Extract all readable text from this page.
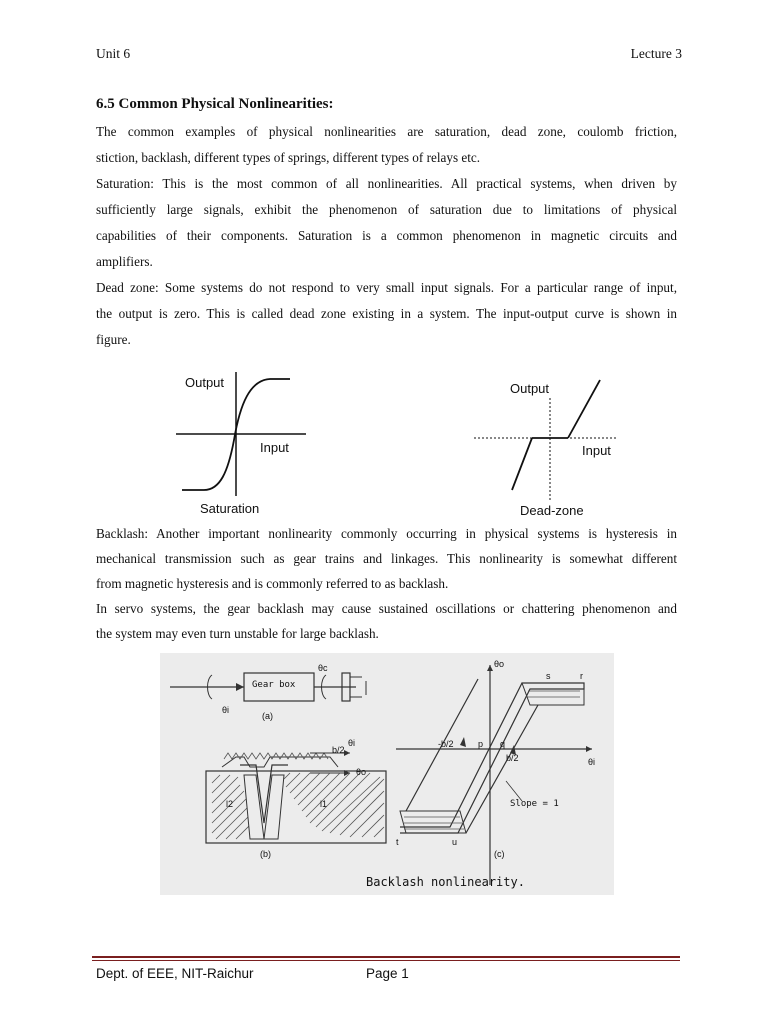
Unit 6	Lecture 3
6.5 Common Physical Nonlinearities:
The common examples of physical nonlinearities are saturation, dead zone, coulomb friction,
stiction, backlash, different types of springs, different types of relays etc.
Saturation: This is the most common of all nonlinearities. All practical systems, when driven by
sufficiently large signals, exhibit the phenomenon of saturation due to limitations of physical
capabilities of their components. Saturation is a common phenomenon in magnetic circuits and
amplifiers.
Dead zone: Some systems do not respond to very small input signals. For a particular range of input,
the output is zero. This is called dead zone existing in a system. The input-output curve is shown in
figure.
Output
Input
Saturation
Output
Input
Dead-zone
Backlash: Another important nonlinearity commonly occurring in physical systems is hysteresis in
mechanical transmission such as gear trains and linkages. This nonlinearity is somewhat different
from magnetic hysteresis and is commonly referred to as backlash.
In servo systems, the gear backlash may cause sustained oscillations or chattering phenomenon and
the system may even turn unstable for large backlash.
Gear box
θi
θc
(a)
θi
b/2
θo
l2	l1
(b)
θo
θi
-b/2	p q
b/2
r
s
t	u
Slope = 1
(c)
Backlash nonlinearity.
Dept. of EEE, NIT-Raichur	Page 1
